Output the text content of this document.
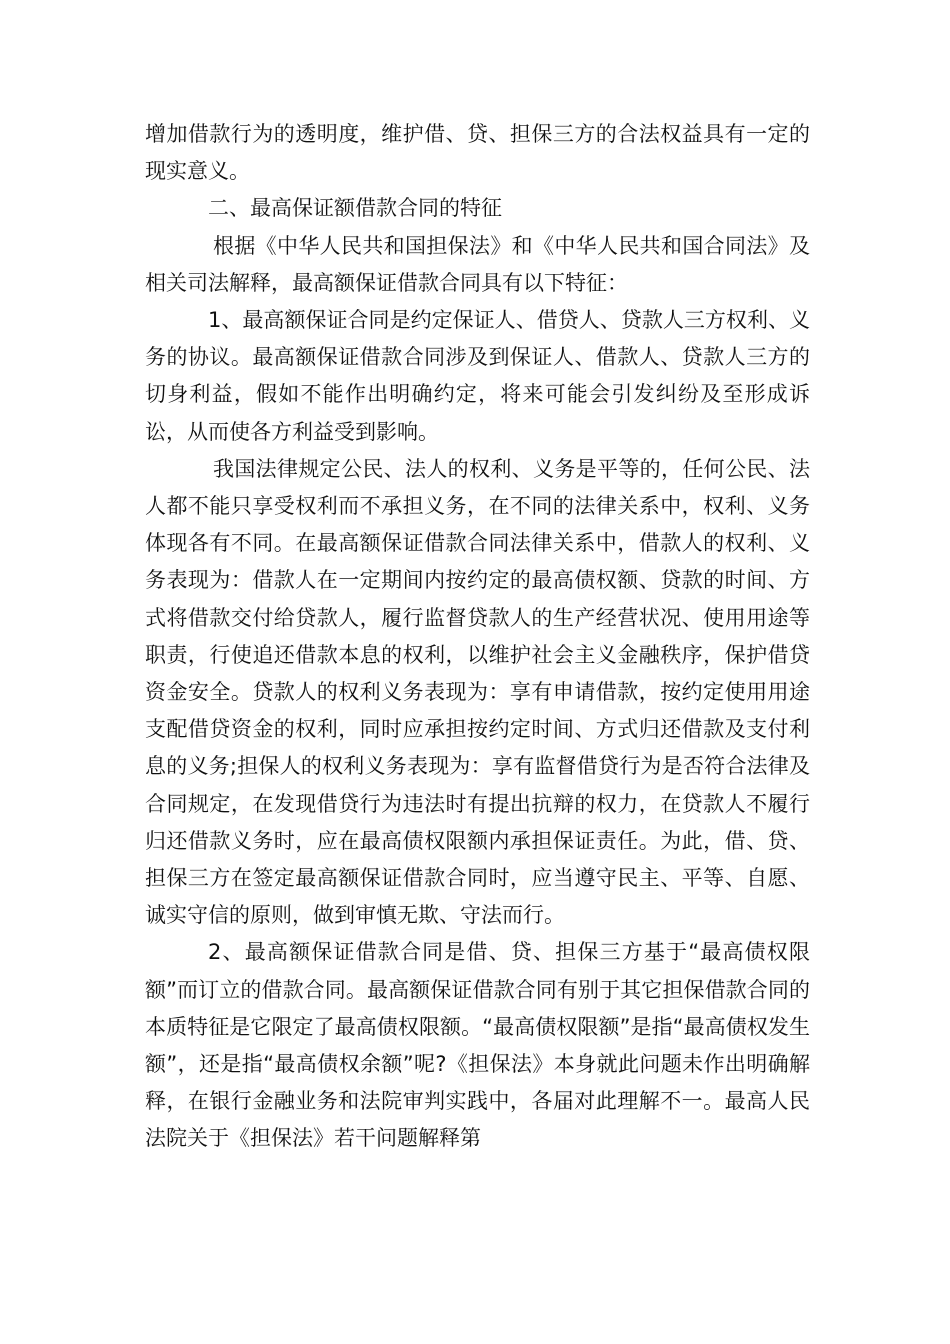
增加借款行为的透明度，维护借、贷、担保三方的合法权益具有一定的现实意义。

二、最高保证额借款合同的特征

根据《中华人民共和国担保法》和《中华人民共和国合同法》及相关司法解释，最高额保证借款合同具有以下特征：

1、最高额保证合同是约定保证人、借贷人、贷款人三方权利、义务的协议。最高额保证借款合同涉及到保证人、借款人、贷款人三方的切身利益，假如不能作出明确约定，将来可能会引发纠纷及至形成诉讼，从而使各方利益受到影响。

我国法律规定公民、法人的权利、义务是平等的，任何公民、法人都不能只享受权利而不承担义务，在不同的法律关系中，权利、义务体现各有不同。在最高额保证借款合同法律关系中，借款人的权利、义务表现为：借款人在一定期间内按约定的最高债权额、贷款的时间、方式将借款交付给贷款人，履行监督贷款人的生产经营状况、使用用途等职责，行使追还借款本息的权利，以维护社会主义金融秩序，保护借贷资金安全。贷款人的权利义务表现为：享有申请借款，按约定使用用途支配借贷资金的权利，同时应承担按约定时间、方式归还借款及支付利息的义务;担保人的权利义务表现为：享有监督借贷行为是否符合法律及合同规定，在发现借贷行为违法时有提出抗辩的权力，在贷款人不履行归还借款义务时，应在最高债权限额内承担保证责任。为此，借、贷、担保三方在签定最高额保证借款合同时，应当遵守民主、平等、自愿、诚实守信的原则，做到审慎无欺、守法而行。

2、最高额保证借款合同是借、贷、担保三方基于“最高债权限额”而订立的借款合同。最高额保证借款合同有别于其它担保借款合同的本质特征是它限定了最高债权限额。“最高债权限额”是指“最高债权发生额”，还是指“最高债权余额”呢?《担保法》本身就此问题未作出明确解释，在银行金融业务和法院审判实践中，各届对此理解不一。最高人民法院关于《担保法》若干问题解释第
